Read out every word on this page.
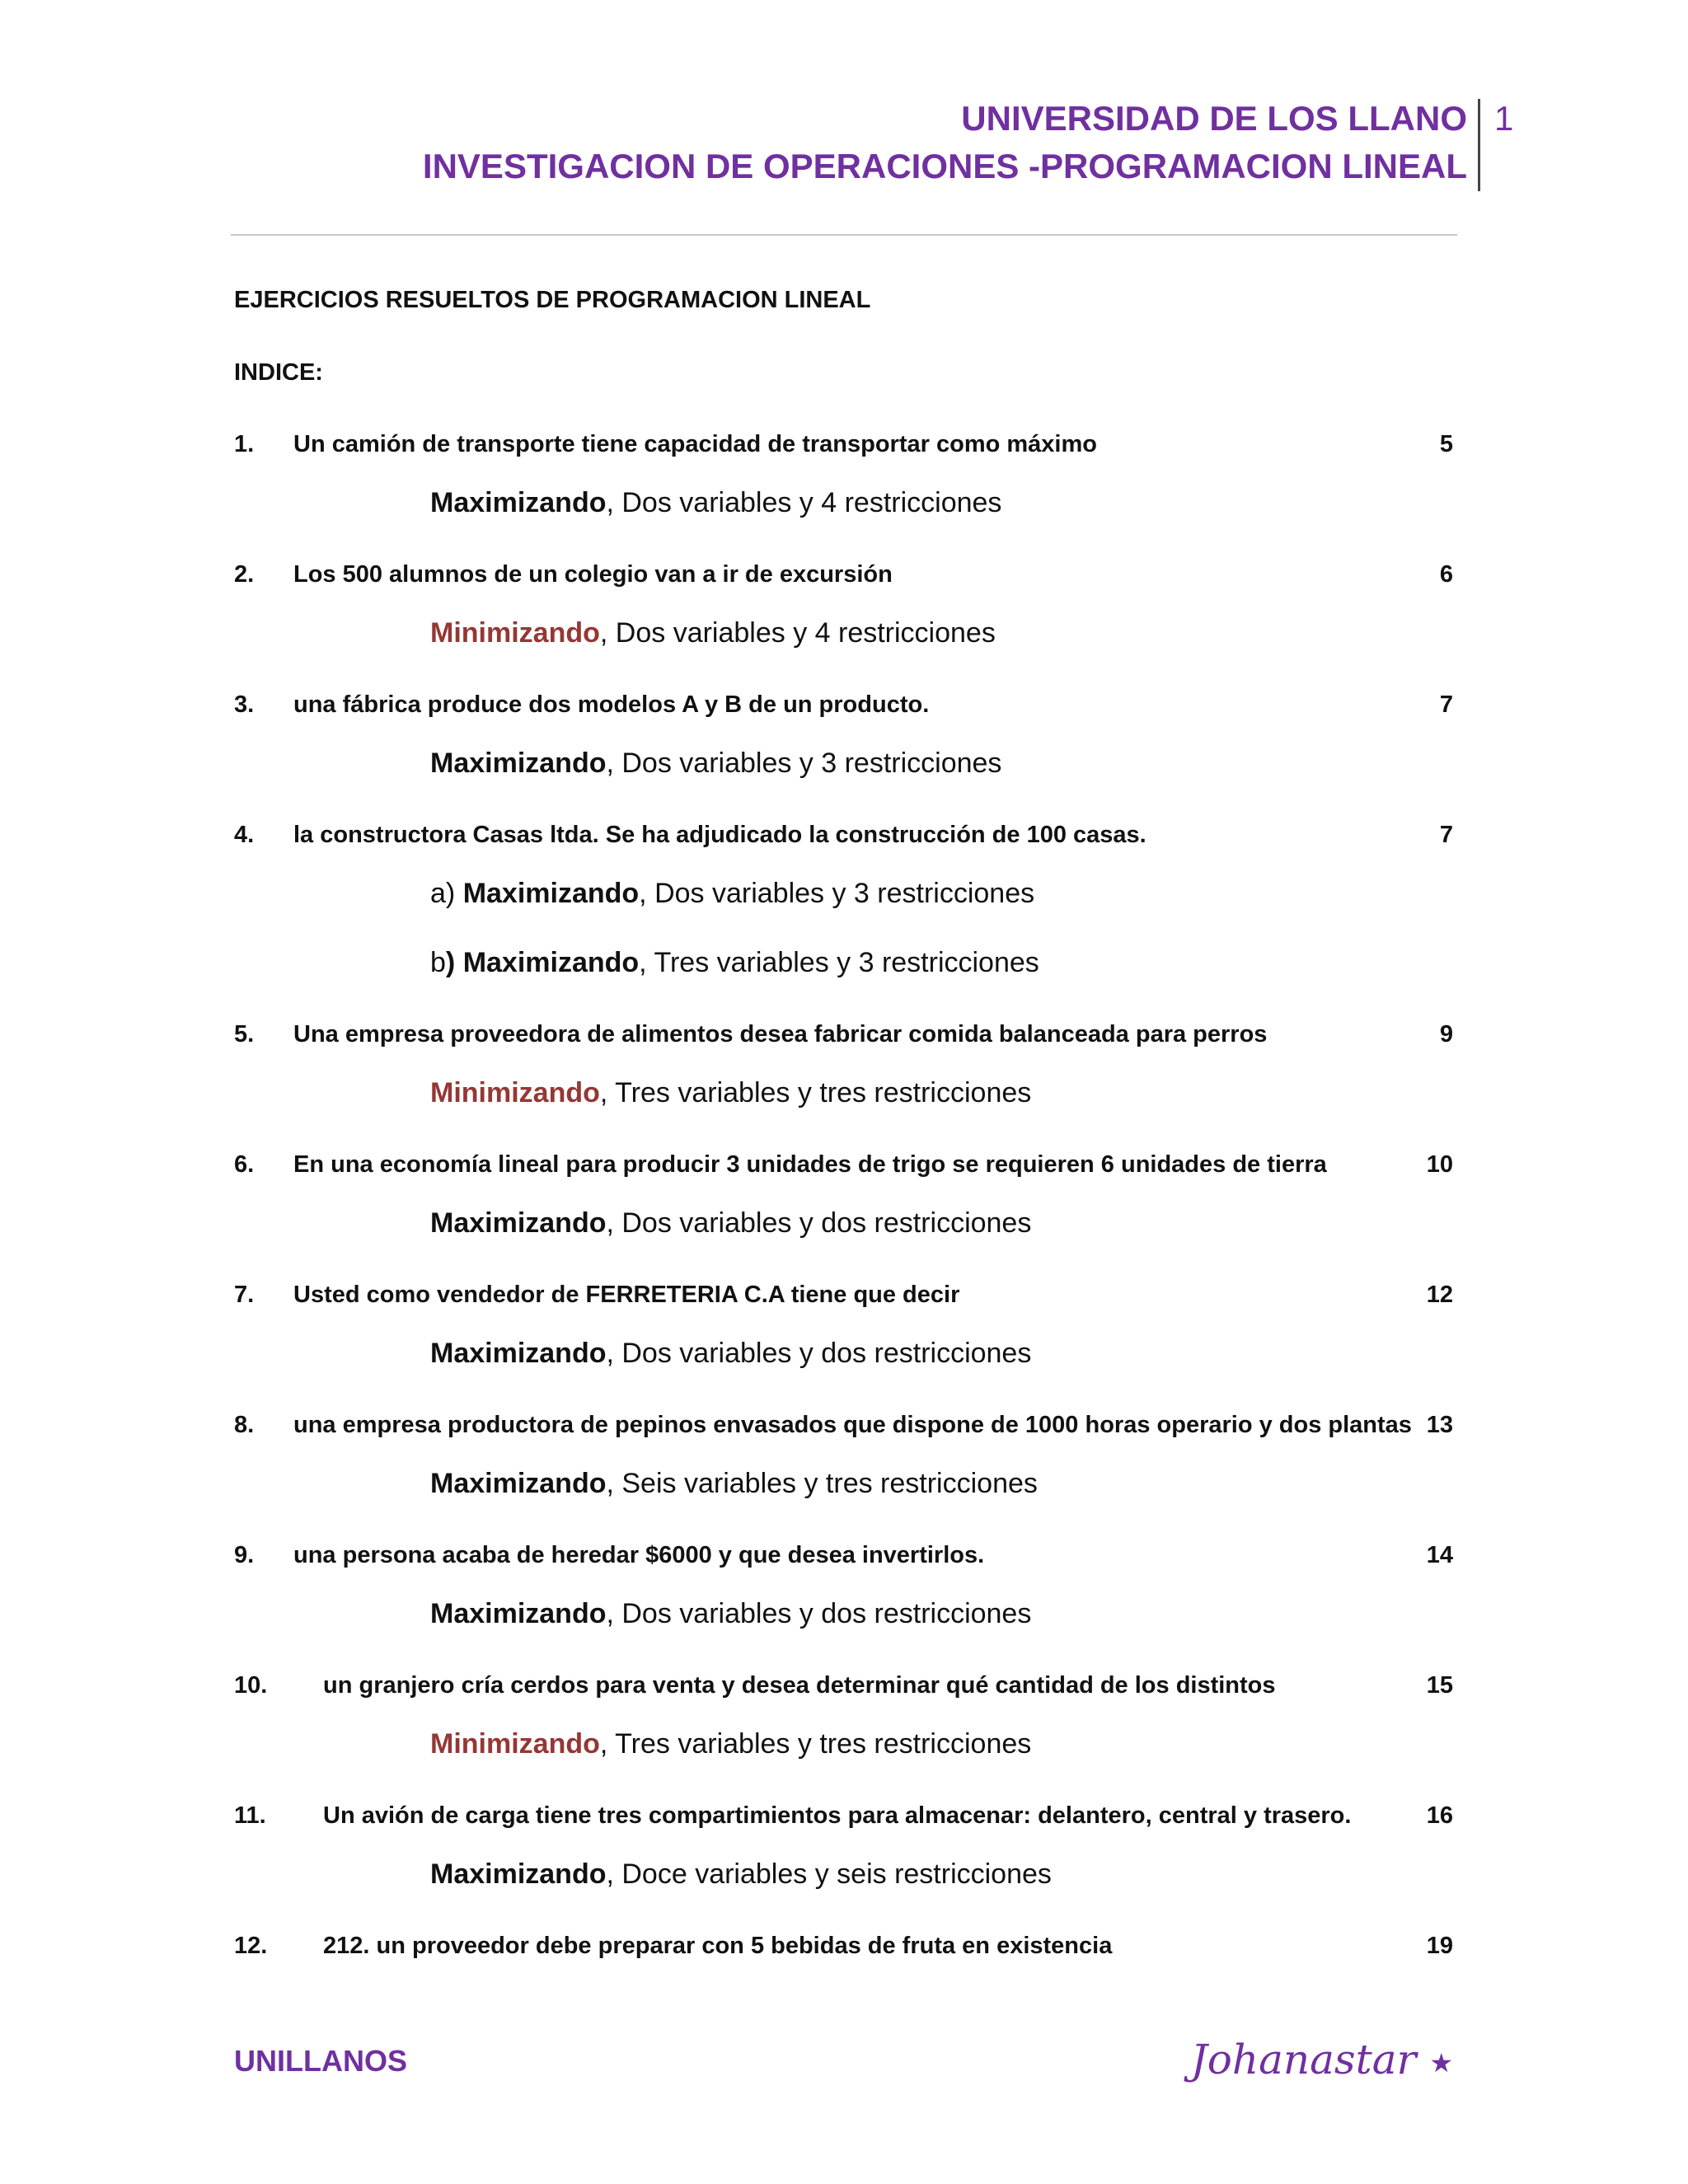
UNIVERSIDAD DE LOS LLANO
INVESTIGACION DE OPERACIONES -PROGRAMACION LINEAL
1
EJERCICIOS RESUELTOS DE PROGRAMACION LINEAL
INDICE:
1. Un camión de transporte tiene capacidad de transportar como máximo	5
Maximizando, Dos variables y 4 restricciones
2. Los 500 alumnos de un colegio van a ir de excursión	6
Minimizando, Dos variables y 4 restricciones
3. una fábrica produce dos modelos A y B de un producto.	7
Maximizando, Dos variables y 3 restricciones
4. la constructora Casas ltda. Se ha adjudicado la construcción de 100 casas.	7
a) Maximizando, Dos variables y 3 restricciones
b) Maximizando, Tres variables y 3 restricciones
5. Una empresa proveedora de alimentos desea fabricar comida balanceada para perros	9
Minimizando, Tres variables y tres restricciones
6. En una economía lineal para producir 3 unidades de trigo se requieren 6 unidades de tierra	10
Maximizando, Dos variables y dos restricciones
7. Usted como vendedor de FERRETERIA C.A tiene que decir	12
Maximizando, Dos variables y dos restricciones
8. una empresa productora de pepinos envasados que dispone de 1000 horas operario y dos plantas 13
Maximizando, Seis variables y tres restricciones
9. una persona acaba de heredar $6000 y que desea invertirlos.	14
Maximizando, Dos variables y dos restricciones
10. un granjero cría cerdos para venta y desea determinar qué cantidad de los distintos	15
Minimizando, Tres variables y tres restricciones
11. Un avión de carga tiene tres compartimientos para almacenar: delantero, central y trasero.	16
Maximizando, Doce variables y seis restricciones
12. 212. un proveedor debe preparar con 5 bebidas de fruta en existencia	19
UNILLANOS	Johanastar ★
